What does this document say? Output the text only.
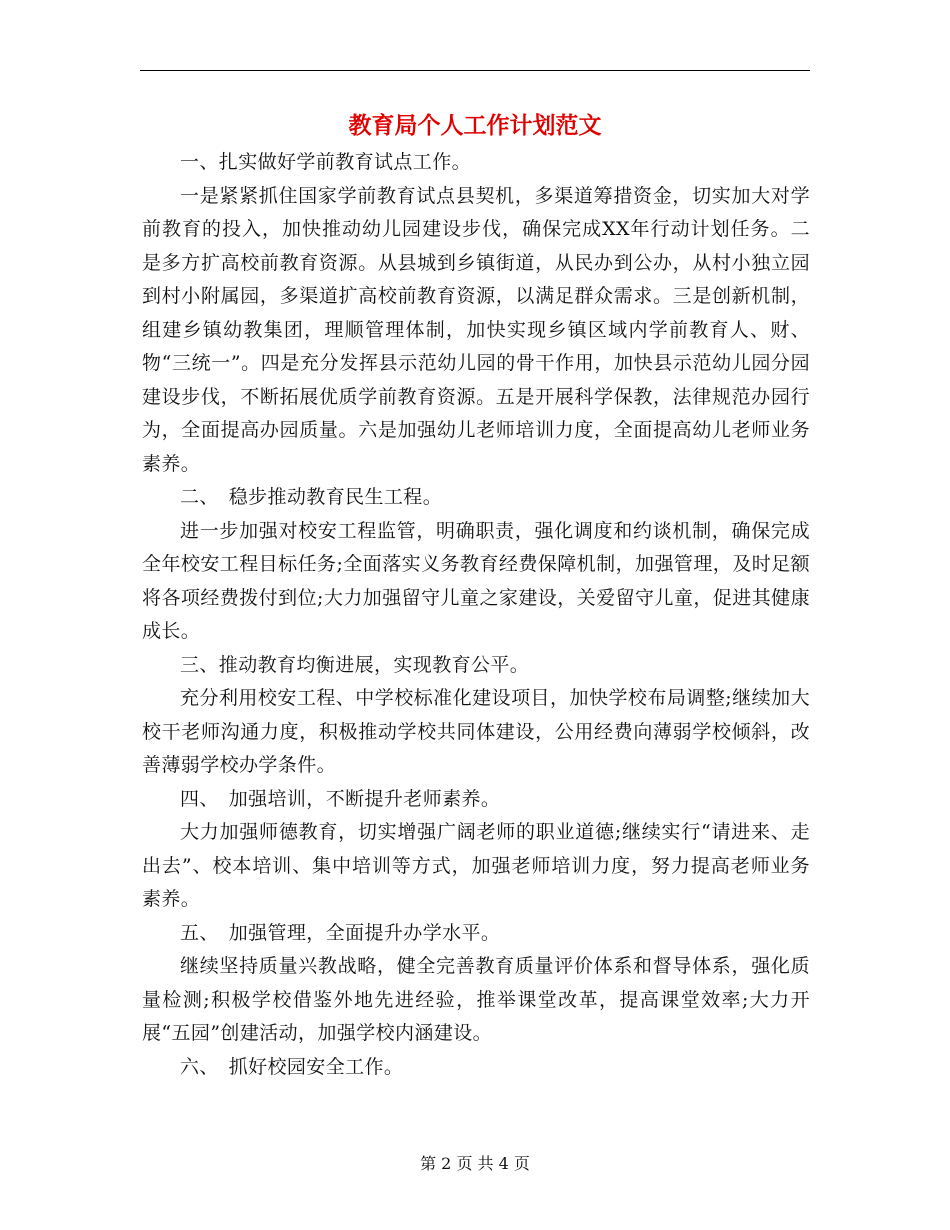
教育局个人工作计划范文

一、扎实做好学前教育试点工作。

一是紧紧抓住国家学前教育试点县契机，多渠道筹措资金，切实加大对学前教育的投入，加快推动幼儿园建设步伐，确保完成XX年行动计划任务。二是多方扩高校前教育资源。从县城到乡镇街道，从民办到公办，从村小独立园到村小附属园，多渠道扩高校前教育资源，以满足群众需求。三是创新机制，组建乡镇幼教集团，理顺管理体制，加快实现乡镇区域内学前教育人、财、物“三统一”。四是充分发挥县示范幼儿园的骨干作用，加快县示范幼儿园分园建设步伐，不断拓展优质学前教育资源。五是开展科学保教，法律规范办园行为，全面提高办园质量。六是加强幼儿老师培训力度，全面提高幼儿老师业务素养。

二、　稳步推动教育民生工程。

进一步加强对校安工程监管，明确职责，强化调度和约谈机制，确保完成全年校安工程目标任务;全面落实义务教育经费保障机制，加强管理，及时足额将各项经费拨付到位;大力加强留守儿童之家建设，关爱留守儿童，促进其健康成长。

三、推动教育均衡进展，实现教育公平。

充分利用校安工程、中学校标准化建设项目，加快学校布局调整;继续加大校干老师沟通力度，积极推动学校共同体建设，公用经费向薄弱学校倾斜，改善薄弱学校办学条件。

四、　加强培训，不断提升老师素养。

大力加强师德教育，切实增强广阔老师的职业道德;继续实行“请进来、走出去”、校本培训、集中培训等方式，加强老师培训力度，努力提高老师业务素养。

五、　加强管理，全面提升办学水平。

继续坚持质量兴教战略，健全完善教育质量评价体系和督导体系，强化质量检测;积极学校借鉴外地先进经验，推举课堂改革，提高课堂效率;大力开展“五园”创建活动，加强学校内涵建设。

六、　抓好校园安全工作。

第 2 页 共 4 页
